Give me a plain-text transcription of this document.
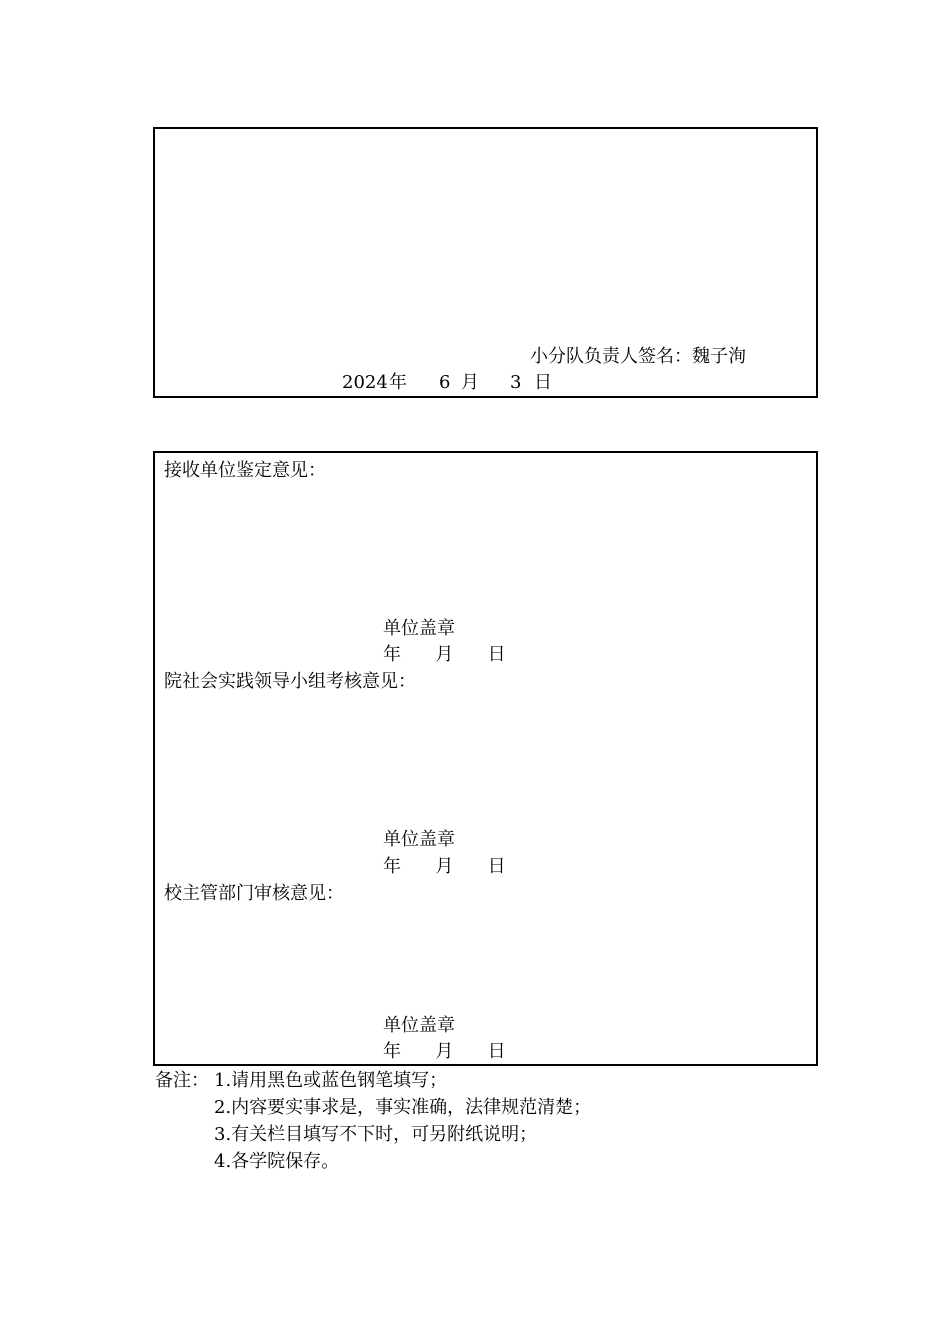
小分队负责人签名：魏子洵
2024 年 6 月 3 日
接收单位鉴定意见：
单位盖章
年      月      日
院社会实践领导小组考核意见：
单位盖章
年      月      日
校主管部门审核意见：
单位盖章
年      月      日
备注： 1.请用黑色或蓝色钢笔填写；
2.内容要实事求是，事实准确，法律规范清楚；
3.有关栏目填写不下时，可另附纸说明；
4.各学院保存。
